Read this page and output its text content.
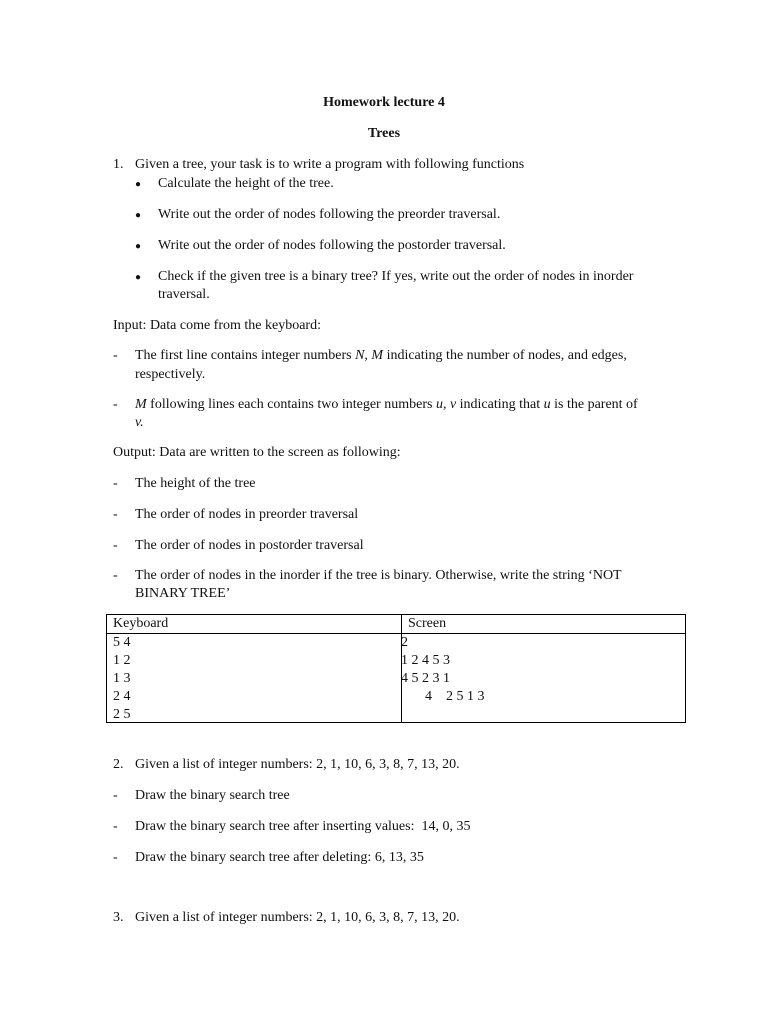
Homework lecture 4
Trees
1. Given a tree, your task is to write a program with following functions
● Calculate the height of the tree.
● Write out the order of nodes following the preorder traversal.
● Write out the order of nodes following the postorder traversal.
● Check if the given tree is a binary tree? If yes, write out the order of nodes in inorder
traversal.
Input: Data come from the keyboard:
- The first line contains integer numbers N, M indicating the number of nodes, and edges,
respectively.
- M following lines each contains two integer numbers u, v indicating that u is the parent of
v.
Output: Data are written to the screen as following:
- The height of the tree
- The order of nodes in preorder traversal
- The order of nodes in postorder traversal
- The order of nodes in the inorder if the tree is binary. Otherwise, write the string ‘NOT
BINARY TREE’
Keyboard	Screen
5 4
1 2
1 3
2 4
2 5
2
1 2 4 5 3
4 5 2 3 1
4    2 5 1 3
2. Given a list of integer numbers: 2, 1, 10, 6, 3, 8, 7, 13, 20.
- Draw the binary search tree
- Draw the binary search tree after inserting values:  14, 0, 35
- Draw the binary search tree after deleting: 6, 13, 35
3. Given a list of integer numbers: 2, 1, 10, 6, 3, 8, 7, 13, 20.
